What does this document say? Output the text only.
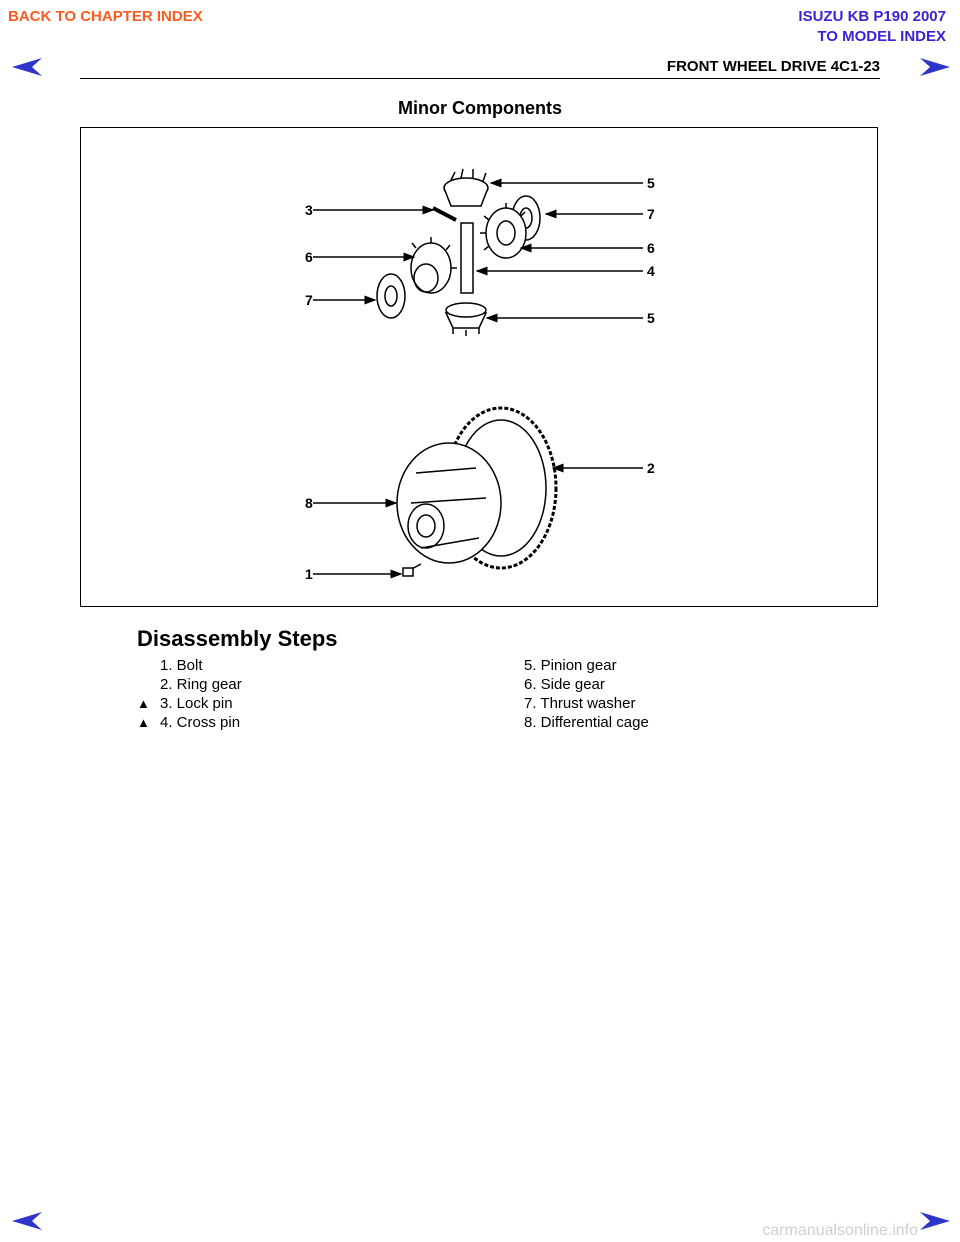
BACK TO CHAPTER INDEX	ISUZU KB P190 2007
TO MODEL INDEX
FRONT WHEEL DRIVE 4C1-23
Minor Components
5
3	7
6
6
4
7
5
2
8
1
Disassembly Steps
1. Bolt
2. Ring gear
▲ 3. Lock pin
▲ 4. Cross pin
5. Pinion gear
6. Side gear
7. Thrust washer
8. Differential cage
carmanualsonline.info
